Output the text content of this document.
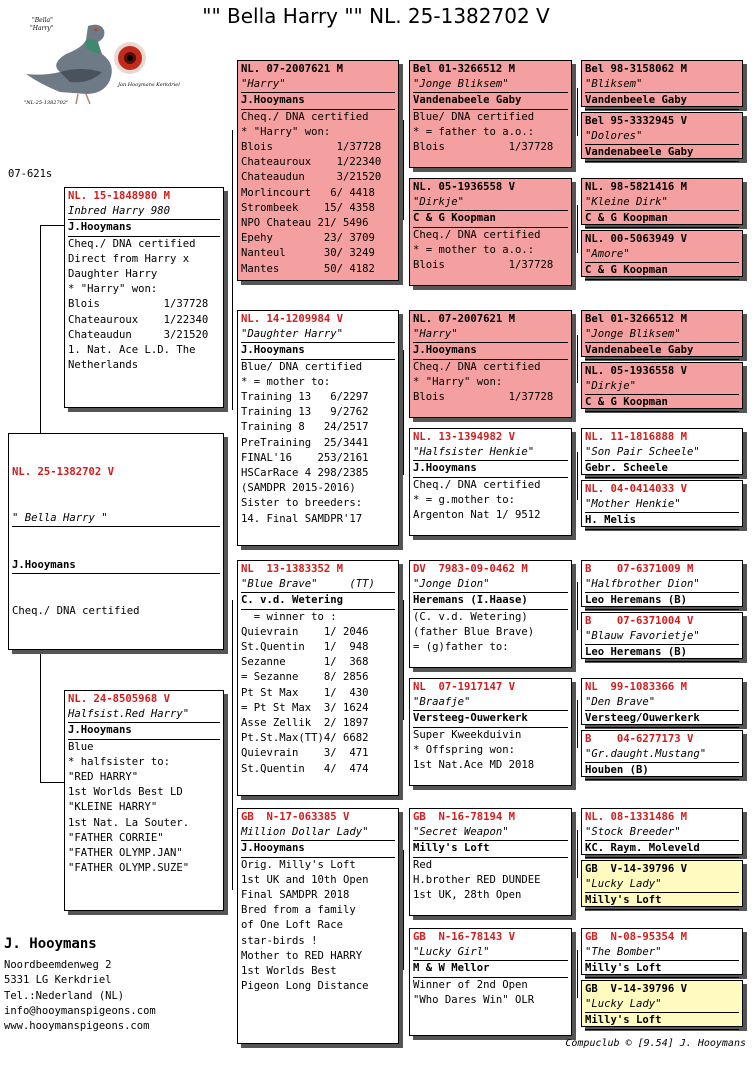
"" Bella Harry "" NL. 25-1382702 V
"Bella"
"Harry"
"NL-25-1382702"
Jan Hooymans Kerkdriel
07-621s

NL. 25-1382702 V

" Bella Harry "

J.Hooymans

Cheq./ DNA certified

NL. 15-1848980 M
Inbred Harry 980
J.Hooymans
Cheq./ DNA certified
Direct from Harry x
Daughter Harry
* "Harry" won:
Blois          1/37728
Chateauroux    1/22340
Chateaudun     3/21520
1. Nat. Ace L.D. The
Netherlands
NL. 24-8505968 V
Halfsist.Red Harry"
J.Hooymans
Blue
* halfsister to:
"RED HARRY"
1st Worlds Best LD
"KLEINE HARRY"
1st Nat. La Souter.
"FATHER CORRIE"
"FATHER OLYMP.JAN"
"FATHER OLYMP.SUZE"
NL. 07-2007621 M
"Harry"
J.Hooymans
Cheq./ DNA certified
* "Harry" won:
Blois          1/37728
Chateauroux    1/22340
Chateaudun     3/21520
Morlincourt   6/ 4418
Strombeek    15/ 4358
NPO Chateau 21/ 5496
Epehy        23/ 3709
Nanteul      30/ 3249
Mantes       50/ 4182
NL. 14-1209984 V
"Daughter Harry"
J.Hooymans
Blue/ DNA certified
* = mother to:
Training 13   6/2297
Training 13   9/2762
Training 8   24/2517
PreTraining  25/3441
FINAL'16    253/2161
HSCarRace 4 298/2385
(SAMDPR 2015-2016)
Sister to breeders:
14. Final SAMDPR'17
NL  13-1383352 M
"Blue Brave"     (TT)
C. v.d. Wetering
= winner to :
Quievrain    1/ 2046
St.Quentin   1/  948
Sezanne      1/  368
= Sezanne    8/ 2856
Pt St Max    1/  430
= Pt St Max  3/ 1624
Asse Zellik  2/ 1897
Pt.St.Max(TT)4/ 6682
Quievrain    3/  471
St.Quentin   4/  474
GB  N-17-063385 V
Million Dollar Lady"
J.Hooymans
Orig. Milly's Loft
1st UK and 10th Open
Final SAMDPR 2018
Bred from a family
of One Loft Race
star-birds !
Mother to RED HARRY
1st Worlds Best
Pigeon Long Distance
Bel 01-3266512 M
"Jonge Bliksem"
Vandenabeele Gaby
Blue/ DNA certified
* = father to a.o.:
Blois          1/37728
NL. 05-1936558 V
"Dirkje"
C & G Koopman
Cheq./ DNA certified
* = mother to a.o.:
Blois          1/37728
NL. 07-2007621 M
"Harry"
J.Hooymans
Cheq./ DNA certified
* "Harry" won:
Blois          1/37728
NL. 13-1394982 V
"Halfsister Henkie"
J.Hooymans
Cheq./ DNA certified
* = g.mother to:
Argenton Nat 1/ 9512
DV  7983-09-0462 M
"Jonge Dion"
Heremans (I.Haase)
(C. v.d. Wetering)
(father Blue Brave)
= (g)father to:
NL  07-1917147 V
"Braafje"
Versteeg-Ouwerkerk
Super Kweekduivin
* Offspring won:
1st Nat.Ace MD 2018
GB  N-16-78194 M
"Secret Weapon"
Milly's Loft
Red
H.brother RED DUNDEE
1st UK, 28th Open
GB  N-16-78143 V
"Lucky Girl"
M & W Mellor
Winner of 2nd Open
"Who Dares Win" OLR
Bel 98-3158062 M
"Bliksem"
Vandenbeele Gaby
Bel 95-3332945 V
"Dolores"
Vandenabeele Gaby
NL. 98-5821416 M
"Kleine Dirk"
C & G Koopman
NL. 00-5063949 V
"Amore"
C & G Koopman
Bel 01-3266512 M
"Jonge Bliksem"
Vandenabeele Gaby
NL. 05-1936558 V
"Dirkje"
C & G Koopman
NL. 11-1816888 M
"Son Pair Scheele"
Gebr. Scheele
NL. 04-0414033 V
"Mother Henkie"
H. Melis
B    07-6371009 M
"Halfbrother Dion"
Leo Heremans (B)
B    07-6371004 V
"Blauw Favorietje"
Leo Heremans (B)
NL  99-1083366 M
"Den Brave"
Versteeg/Ouwerkerk
B    04-6277173 V
"Gr.daught.Mustang"
Houben (B)
NL. 08-1331486 M
"Stock Breeder"
KC. Raym. Moleveld
GB  V-14-39796 V
"Lucky Lady"
Milly's Loft
GB  N-08-95354 M
"The Bomber"
Milly's Loft
GB  V-14-39796 V
"Lucky Lady"
Milly's Loft
J. Hooymans
Noordbeemdenweg 2
5331 LG Kerkdriel
Tel.:Nederland (NL)
info@hooymanspigeons.com
www.hooymanspigeons.com
Compuclub © [9.54] J. Hooymans
